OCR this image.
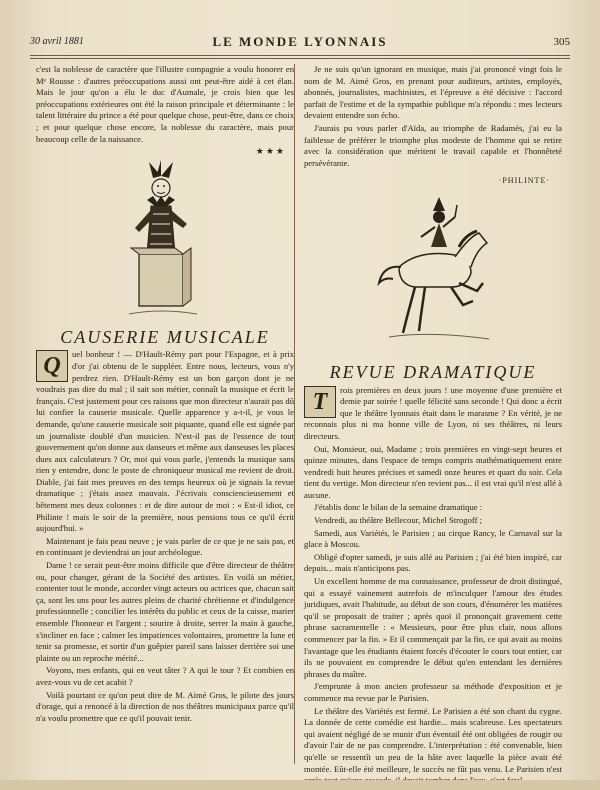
30 avril 1881	LE MONDE LYONNAIS	305

c'est la noblesse de caractère que l'illustre compagnie a voulu honorer en Mᵉ Rousse : d'autres préoccupations aussi ont peut-être aidé à cet élan. Mais le jour qu'on a élu le duc d'Aumale, je crois bien que les préoccupations extérieures ont été la raison principale et déterminante : le talent littéraire du prince a été pour quelque chose, peut-être, dans ce choix ; et pour quelque chose encore, la noblesse du caractère, mais pour beaucoup celle de la naissance.

★★★
CAUSERIE MUSICALE

Q	uel bonheur ! — D'Hault-Rémy part pour l'Espagne, et à prix d'or j'ai obtenu de le suppléer. Entre nous, lecteurs, vous n'y perdrez rien. D'Hault-Rémy est un bon garçon dont je ne voudrais pas dire du mal ; il sait son métier, connaît la musique et écrit le français. C'est justement pour ces raisons que mon directeur n'aurait pas dû lui confier la causerie musicale. Quelle apparence y a-t-il, je vous le demande, qu'une causerie musicale soit piquante, quand elle est signée par un journaliste doublé d'un musicien. N'est-il pas de l'essence de tout gouvernement qu'on donne aux danseurs et même aux danseuses les places dues aux calculateurs ? Or, moi qui vous parle, j'entends la musique sans rien y entendre, donc le poste de chroniqueur musical me revient de droit. Diable, j'ai fait mes preuves en des temps heureux où je signais la revue dramatique ; j'étais assez mauvais. J'écrivais consciencieusement et bêtement mes deux colonnes : et de dire autour de moi : « Est-il idiot, ce Philinte ! mais le soir de la première, nous pensions tous ce qu'il écrit aujourd'hui. »

Maintenant je fais peau neuve ; je vais parler de ce que je ne sais pas, et en continuant je deviendrai un jour archéologue.

Dame ! ce serait peut-être moins difficile que d'être directeur de théâtre ou, pour changer, gérant de la Société des artistes. En voilà un métier, contenter tout le monde, accorder vingt acteurs ou actrices que, chacun sait ça, sont les uns pour les autres pleins de charité chrétienne et d'indulgence professionnelle ; concilier les intérêts du public et ceux de la caisse, marier ensemble l'honneur et l'argent ; sourire à droite, serrer la main à gauche, s'incliner en face ; calmer les impatiences volontaires, promettre la lune et tenir sa promesse, et sortir d'un guêpier pareil sans laisser derrière soi une plainte ou un reproche mérité...

Voyons, mes enfants, qui en veut tâter ? A qui le tour ? Et combien en avez-vous vu de cet acabit ?

Voilà pourtant ce qu'on peut dire de M. Aimé Gros, le pilote des jours d'orage, qui a renoncé à la direction de nos théâtres municipaux parce qu'il n'a voulu promettre que ce qu'il pouvait tenir.

Je ne suis qu'un ignorant en musique, mais j'ai prononcé vingt fois le nom de M. Aimé Gros, en prenant pour auditeurs, artistes, employés, abonnés, journalistes, machinistes, et l'épreuve a été décisive : l'accord parfait de l'estime et de la sympathie publique m'a répondu : mes lecteurs devaient entendre son écho.

J'aurais pu vous parler d'Aïda, au triomphe de Radamès, j'ai eu la faiblesse de préférer le triomphe plus modeste de l'homme qui se retire avec la considération que méritent le travail capable et l'honnêteté persévérante.

·PHILINTE·
REVUE DRAMATIQUE

T	rois premières en deux jours ! une moyenne d'une première et demie par soirée ! quelle félicité sans seconde ! Qui donc a écrit que le théâtre lyonnais était dans le marasme ? En vérité, je ne reconnais plus ni ma bonne ville de Lyon, ni ses théâtres, ni leurs directeurs.

Oui, Monsieur, oui, Madame ; trois premières en vingt-sept heures et quinze minutes, dans l'espace de temps compris mathématiquement entre vendredi huit heures précises et samedi onze heures et quart du soir. Cela tient du vertige. Mon directeur n'en revient pas... il est vrai qu'il n'est allé à aucune.

J'établis donc le bilan de la semaine dramatique :

Vendredi, au théâtre Bellecour, Michel Strogoff ;

Samedi, aux Variétés, le Parisien ; au cirque Rancy, le Carnaval sur la glace à Moscou.

Obligé d'opter samedi, je suis allé au Parisien ; j'ai été bien inspiré, car depuis... mais n'anticipons pas.

Un excellent homme de ma connaissance, professeur de droit distingué, qui a essayé vainement autrefois de m'inculquer l'amour des études juridiques, avait l'habitude, au début de son cours, d'énumérer les matières qu'il se proposait de traiter ; après quoi il prononçait gravement cette phrase sacramentelle : « Messieurs, pour être plus clair, nous allons commencer par la fin. » Et il commençait par la fin, ce qui avait au moins l'avantage que les étudiants étaient forcés d'écouter le cours tout entier, car ils ne pouvaient en comprendre le début qu'en entendant les dernières phrases du maître.

J'emprunte à mon ancien professeur sa méthode d'exposition et je commence ma revue par le Parisien.

Le théâtre des Variétés est fermé. Le Parisien a été son chant du cygne. La donnée de cette comédie est hardie... mais scabreuse. Les spectateurs qui avaient négligé de se munir d'un éventail été ont obligées de rougir ou d'avoir l'air de ne pas comprendre. L'interprétation : été convenable, bien qu'elle se ressentît un peu de la hâte avec laquelle la pièce avait été montée. Eût-elle été meilleure, le succès ne fût pas venu. Le Parisien n'est
